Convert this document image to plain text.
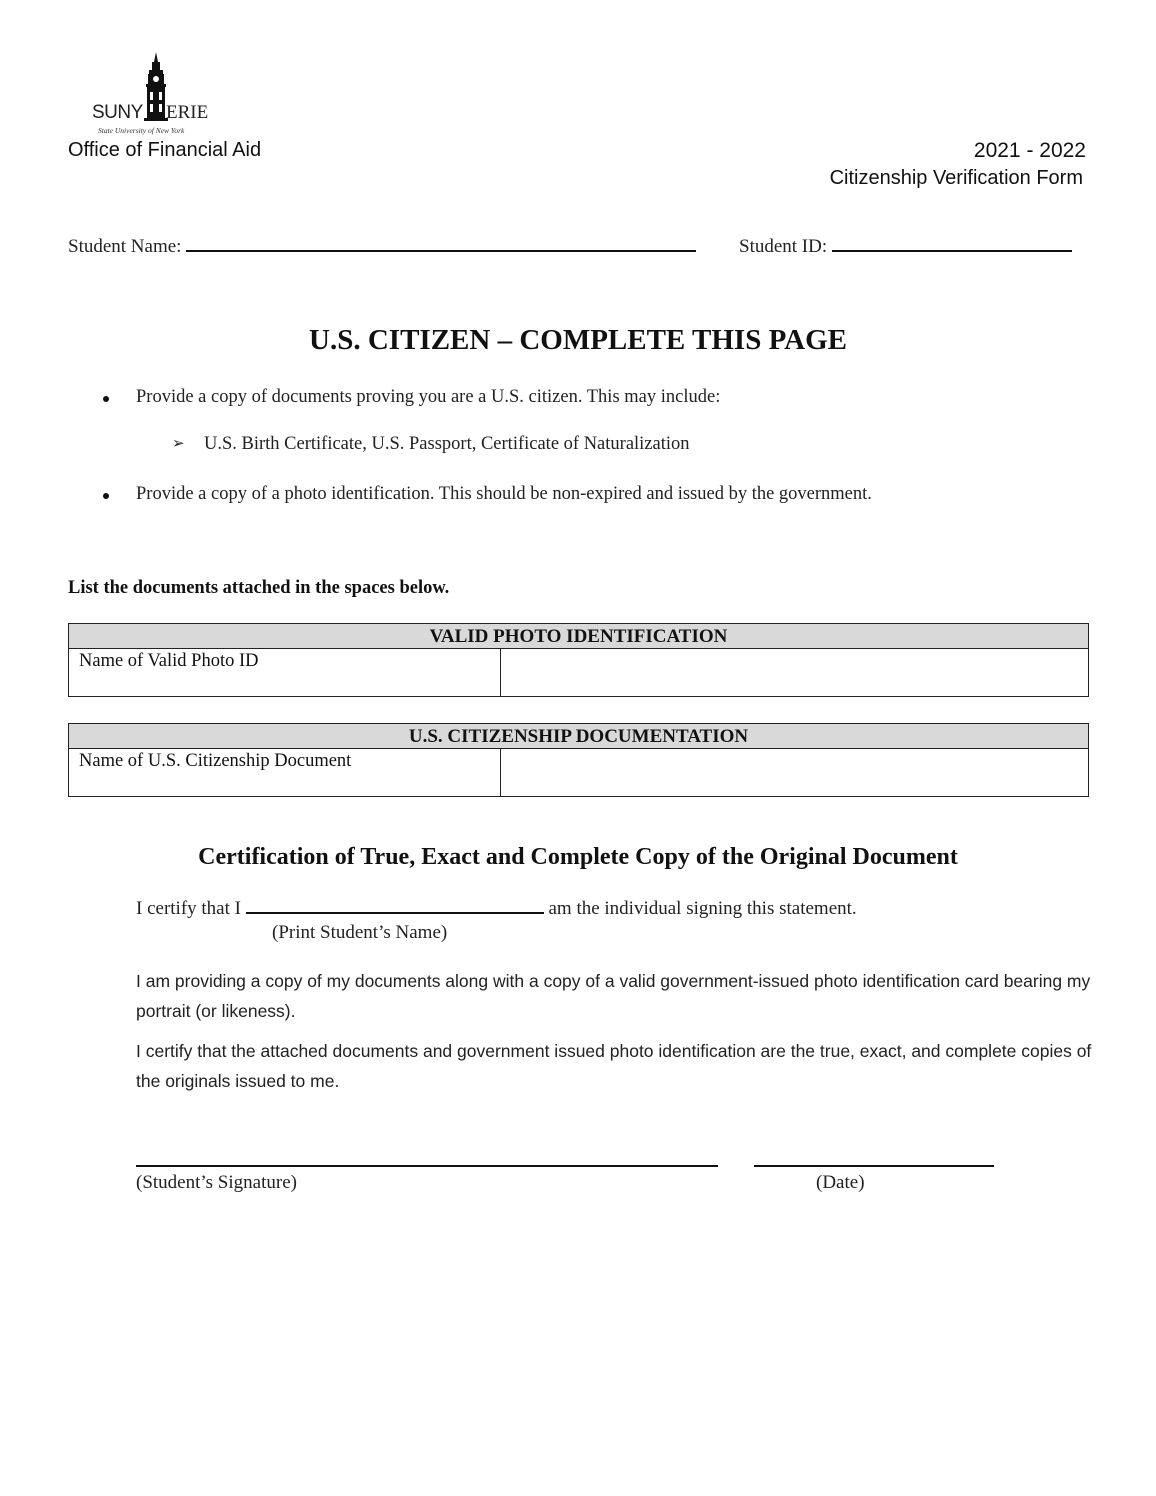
SUNY ERIE
State University of New York
Office of Financial Aid	2021 - 2022
Citizenship Verification Form
Student Name:	Student ID:
U.S. CITIZEN – COMPLETE THIS PAGE
Provide a copy of documents proving you are a U.S. citizen. This may include:
➢ U.S. Birth Certificate, U.S. Passport, Certificate of Naturalization
Provide a copy of a photo identification. This should be non-expired and issued by the government.
List the documents attached in the spaces below.
VALID PHOTO IDENTIFICATION
Name of Valid Photo ID
U.S. CITIZENSHIP DOCUMENTATION
Name of U.S. Citizenship Document
Certification of True, Exact and Complete Copy of the Original Document
I certify that I	am the individual signing this statement.
(Print Student’s Name)
I am providing a copy of my documents along with a copy of a valid government-issued photo identification card bearing my portrait (or likeness).
I certify that the attached documents and government issued photo identification are the true, exact, and complete copies of the originals issued to me.
(Student’s Signature)	(Date)
